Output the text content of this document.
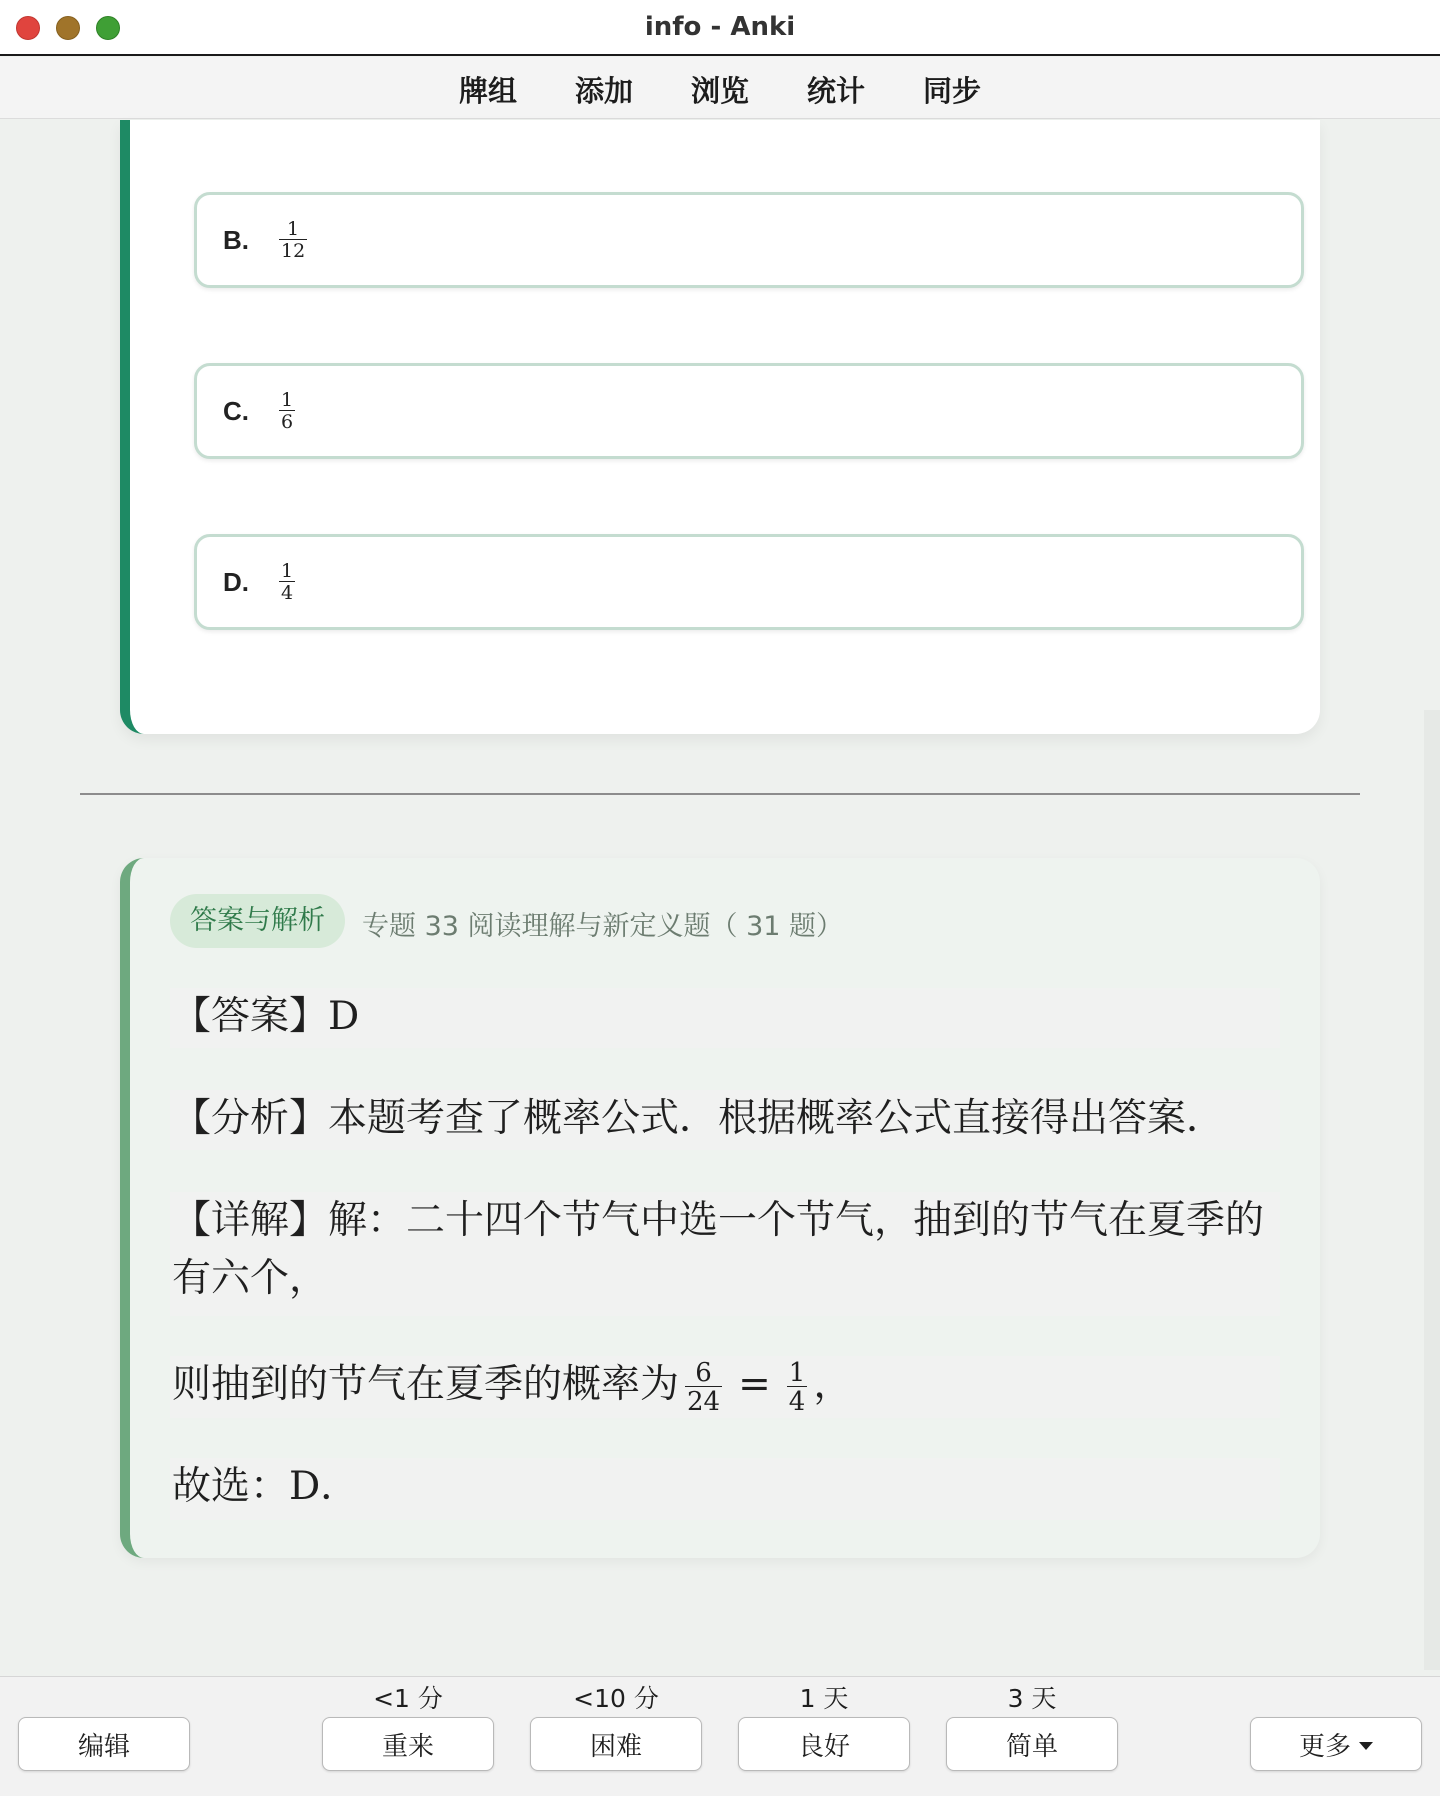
info - Anki
牌组 添加 浏览 统计 同步
B.	$\frac{1}{12}$
C.	$\frac{1}{6}$
D.	$\frac{1}{4}$
答案与解析	专题 33 阅读理解与新定义题（ 31 题）
【答案】D
【分析】本题考查了概率公式．根据概率公式直接得出答案．
【详解】解：二十四个节气中选一个节气，抽到的节气在夏季的有六个，
则抽到的节气在夏季的概率为 $\frac{6}{24} = \frac{1}{4}$ ，
故选：D．
编辑
<1 分
重来
<10 分
困难
1 天
良好
3 天
简单	更多
